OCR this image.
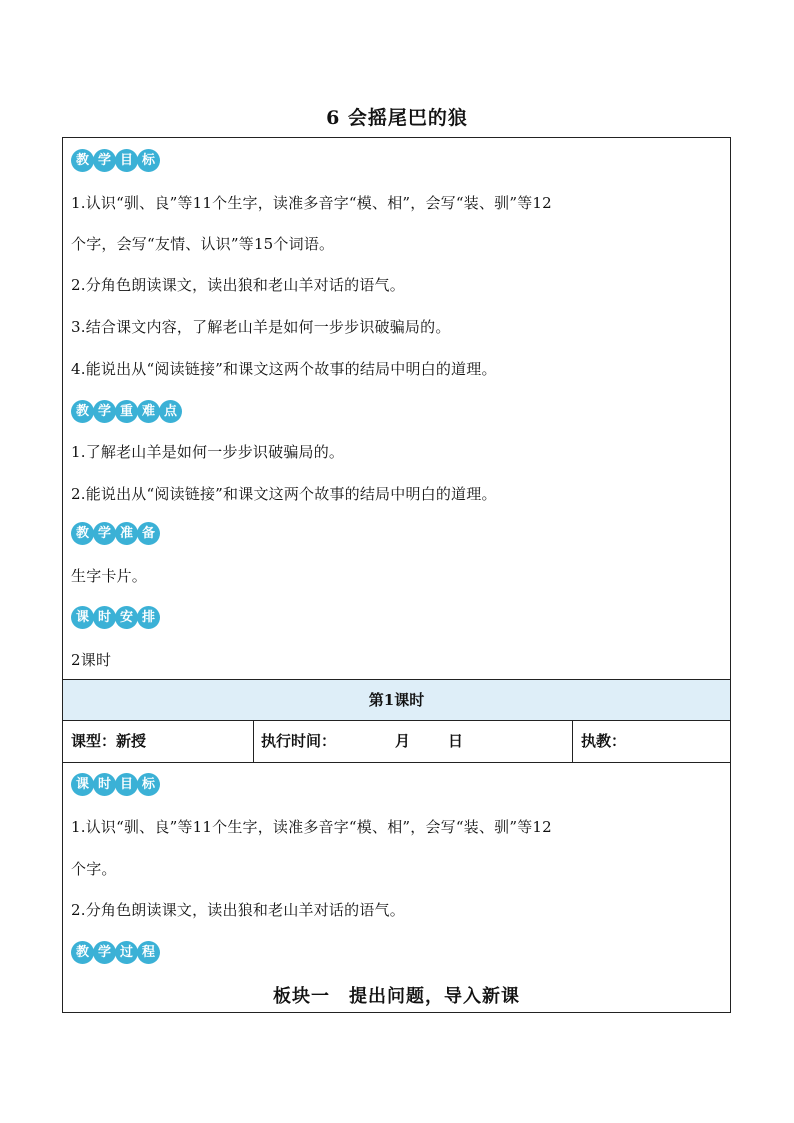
6 会摇尾巴的狼
教 学 目 标
1.认识“驯、良”等11个生字，读准多音字“模、相”，会写“装、驯”等12
个字，会写“友情、认识”等15个词语。
2.分角色朗读课文，读出狼和老山羊对话的语气。
3.结合课文内容，了解老山羊是如何一步步识破骗局的。
4.能说出从“阅读链接”和课文这两个故事的结局中明白的道理。
教 学 重 难 点
1.了解老山羊是如何一步步识破骗局的。
2.能说出从“阅读链接”和课文这两个故事的结局中明白的道理。
教 学 准 备
生字卡片。
课 时 安 排
2课时
第1课时
课型：新授	执行时间：	月	日	执教：
课 时 目 标
1.认识“驯、良”等11个生字，读准多音字“模、相”，会写“装、驯”等12
个字。
2.分角色朗读课文，读出狼和老山羊对话的语气。
教 学 过 程
板块一　提出问题，导入新课
